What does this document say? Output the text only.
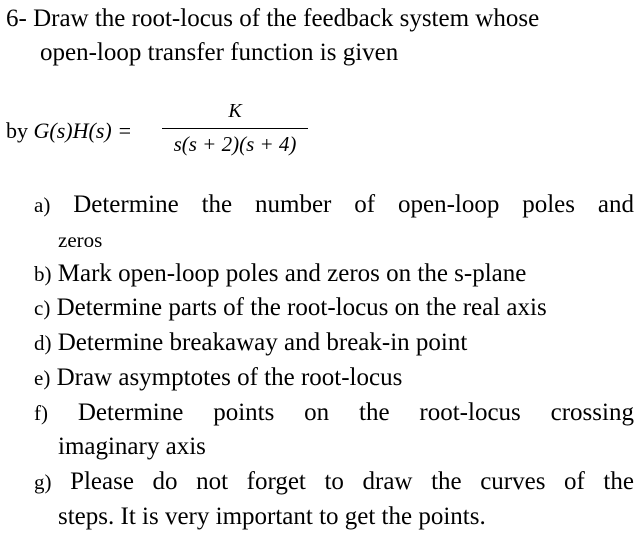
6- Draw the root-locus of the feedback system whose
open-loop transfer function is given
by G(s)H(s) =
K
s(s + 2)(s + 4)
a) Determine the number of open-loop poles and
zeros
b) Mark open-loop poles and zeros on the s-plane
c) Determine parts of the root-locus on the real axis
d) Determine breakaway and break-in point
e) Draw asymptotes of the root-locus
f) Determine points on the root-locus crossing
imaginary axis
g) Please do not forget to draw the curves of the
steps. It is very important to get the points.
